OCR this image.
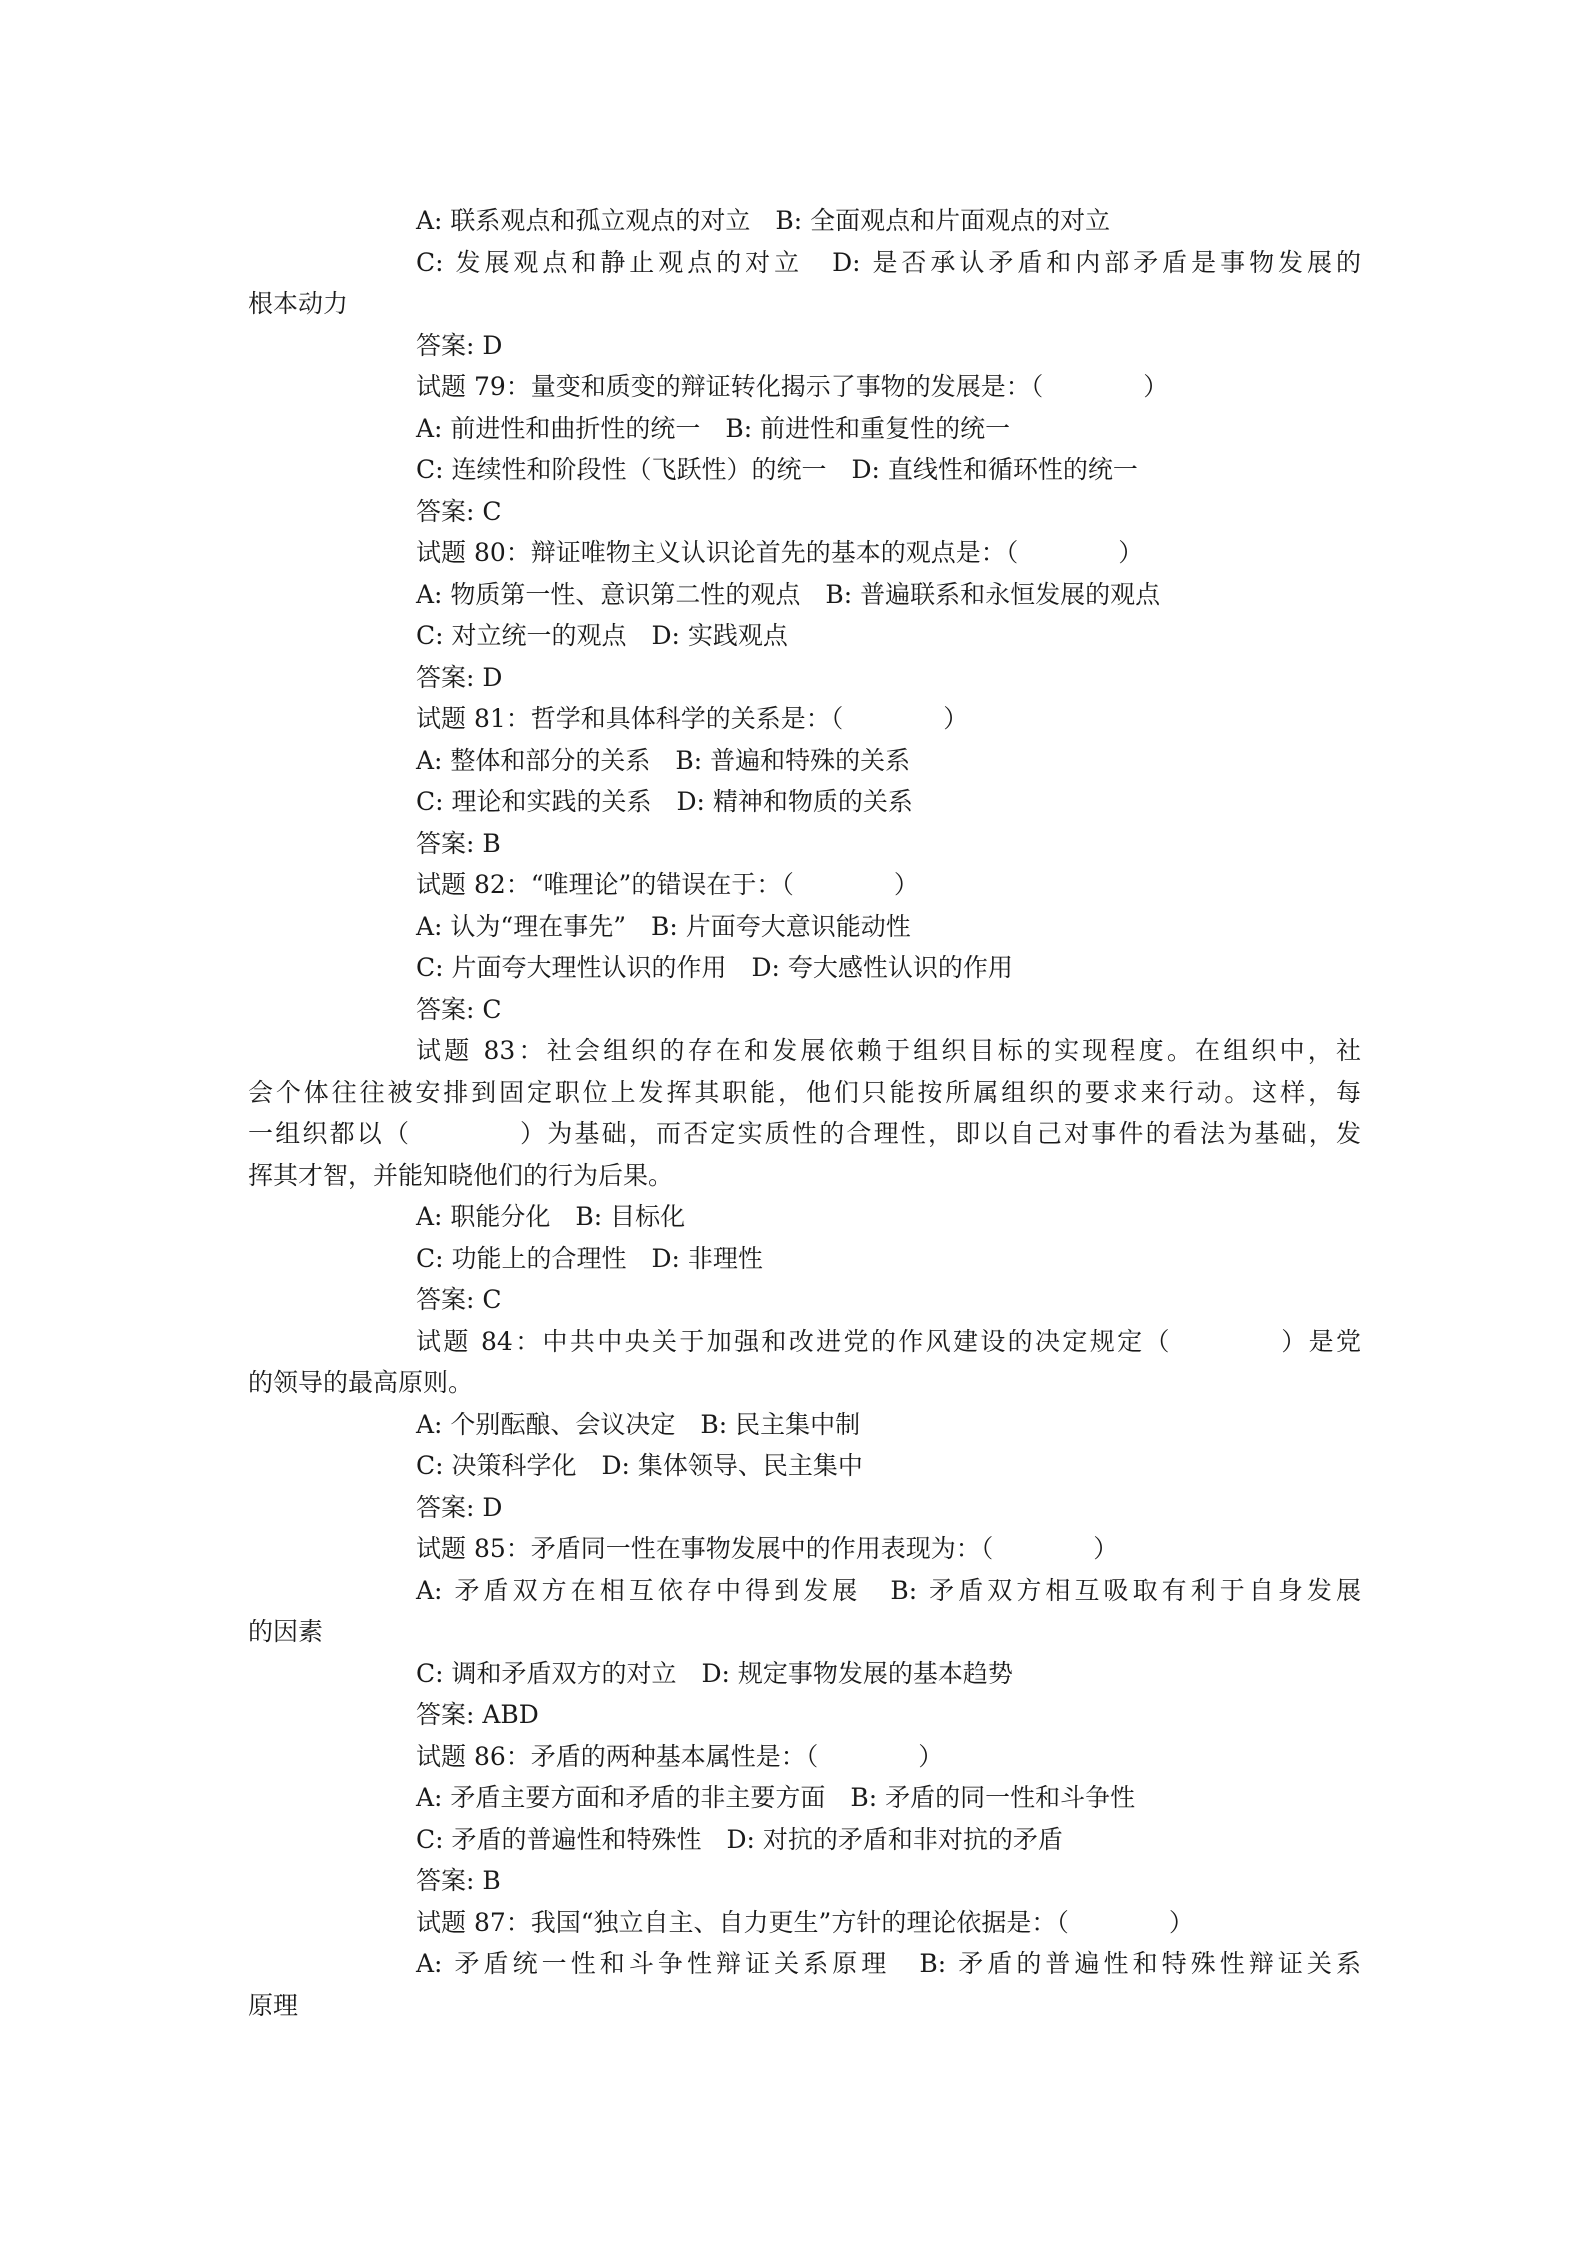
A: 联系观点和孤立观点的对立　B: 全面观点和片面观点的对立
C: 发展观点和静止观点的对立　D: 是否承认矛盾和内部矛盾是事物发展的
根本动力
答案: D
试题 79：量变和质变的辩证转化揭示了事物的发展是：（　　　　）
A: 前进性和曲折性的统一　B: 前进性和重复性的统一
C: 连续性和阶段性（飞跃性）的统一　D: 直线性和循环性的统一
答案: C
试题 80：辩证唯物主义认识论首先的基本的观点是：（　　　　）
A: 物质第一性、意识第二性的观点　B: 普遍联系和永恒发展的观点
C: 对立统一的观点　D: 实践观点
答案: D
试题 81：哲学和具体科学的关系是：（　　　　）
A: 整体和部分的关系　B: 普遍和特殊的关系
C: 理论和实践的关系　D: 精神和物质的关系
答案: B
试题 82：“唯理论”的错误在于：（　　　　）
A: 认为“理在事先”　B: 片面夸大意识能动性
C: 片面夸大理性认识的作用　D: 夸大感性认识的作用
答案: C
试题 83：社会组织的存在和发展依赖于组织目标的实现程度。在组织中，社
会个体往往被安排到固定职位上发挥其职能，他们只能按所属组织的要求来行动。这样，每
一组织都以（　　　　）为基础，而否定实质性的合理性，即以自己对事件的看法为基础，发
挥其才智，并能知晓他们的行为后果。
A: 职能分化　B: 目标化
C: 功能上的合理性　D: 非理性
答案: C
试题 84：中共中央关于加强和改进党的作风建设的决定规定（　　　　）是党
的领导的最高原则。
A: 个别酝酿、会议决定　B: 民主集中制
C: 决策科学化　D: 集体领导、民主集中
答案: D
试题 85：矛盾同一性在事物发展中的作用表现为：（　　　　）
A: 矛盾双方在相互依存中得到发展　B: 矛盾双方相互吸取有利于自身发展
的因素
C: 调和矛盾双方的对立　D: 规定事物发展的基本趋势
答案: ABD
试题 86：矛盾的两种基本属性是：（　　　　）
A: 矛盾主要方面和矛盾的非主要方面　B: 矛盾的同一性和斗争性
C: 矛盾的普遍性和特殊性　D: 对抗的矛盾和非对抗的矛盾
答案: B
试题 87：我国“独立自主、自力更生”方针的理论依据是：（　　　　）
A: 矛盾统一性和斗争性辩证关系原理　B: 矛盾的普遍性和特殊性辩证关系
原理
